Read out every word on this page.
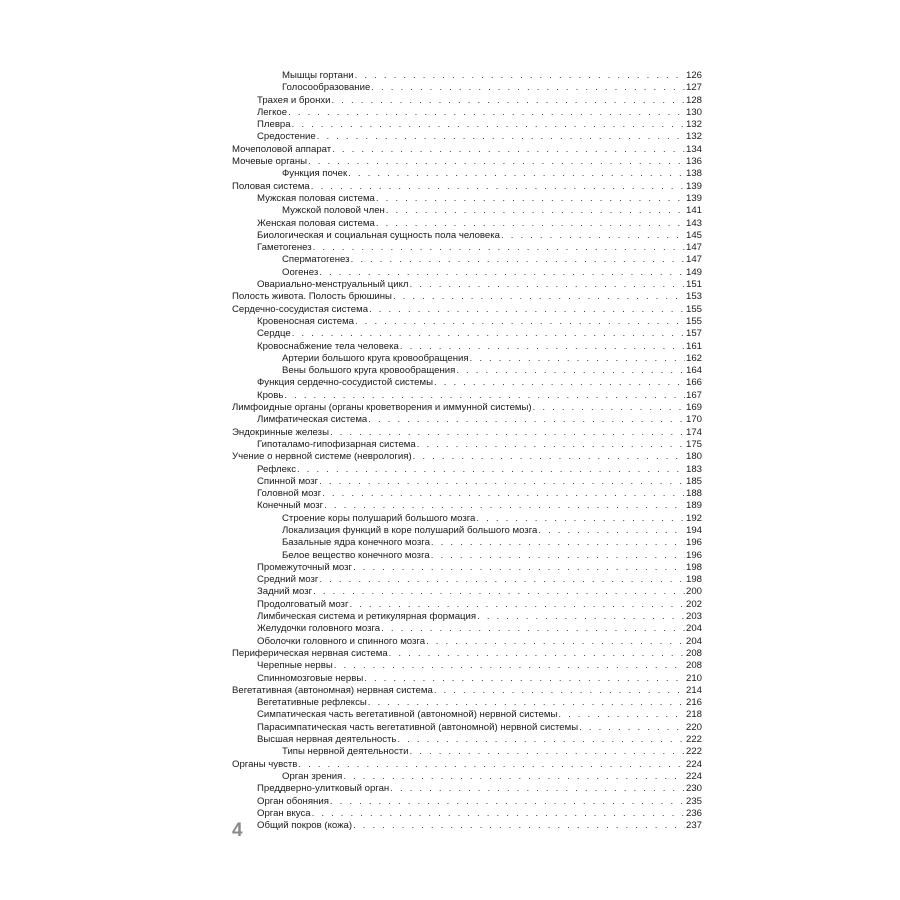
Мышцы гортани . . .	126
Голосообразование . . .	127
Трахея и бронхи . . .	128
Легкое . . .	130
Плевра . . .	132
Средостение . . .	132
Мочеполовой аппарат . . .	134
Мочевые органы . . .	136
Функция почек . . .	138
Половая система . . .	139
Мужская половая система . . .	139
Мужской половой член . . .	141
Женская половая система . . .	143
Биологическая и социальная сущность пола человека . . .	145
Гаметогенез . . .	147
Сперматогенез . . .	147
Оогенез . . .	149
Овариально-менструальный цикл . . .	151
Полость живота. Полость брюшины . . .	153
Сердечно-сосудистая система . . .	155
Кровеносная система . . .	155
Сердце . . .	157
Кровоснабжение тела человека . . .	161
Артерии большого круга кровообращения . . .	162
Вены большого круга кровообращения . . .	164
Функция сердечно-сосудистой системы . . .	166
Кровь . . .	167
Лимфоидные органы (органы кроветворения и иммунной системы) . . .	169
Лимфатическая система . . .	170
Эндокринные железы . . .	174
Гипоталамо-гипофизарная система . . .	175
Учение о нервной системе (неврология) . . .	180
Рефлекс . . .	183
Спинной мозг . . .	185
Головной мозг . . .	188
Конечный мозг . . .	189
Строение коры полушарий большого мозга . . .	192
Локализация функций в коре полушарий большого мозга . . .	194
Базальные ядра конечного мозга . . .	196
Белое вещество конечного мозга . . .	196
Промежуточный мозг . . .	198
Средний мозг . . .	198
Задний мозг . . .	200
Продолговатый мозг . . .	202
Лимбическая система и ретикулярная формация . . .	203
Желудочки головного мозга . . .	204
Оболочки головного и спинного мозга . . .	204
Периферическая нервная система . . .	208
Черепные нервы . . .	208
Спинномозговые нервы . . .	210
Вегетативная (автономная) нервная система . . .	214
Вегетативные рефлексы . . .	216
Симпатическая часть вегетативной (автономной) нервной системы . . .	218
Парасимпатическая часть вегетативной (автономной) нервной системы . . .	220
Высшая нервная деятельность . . .	222
Типы нервной деятельности . . .	222
Органы чувств . . .	224
Орган зрения . . .	224
Преддверно-улитковый орган . . .	230
Орган обоняния . . .	235
Орган вкуса . . .	236
Общий покров (кожа) . . .	237
4
